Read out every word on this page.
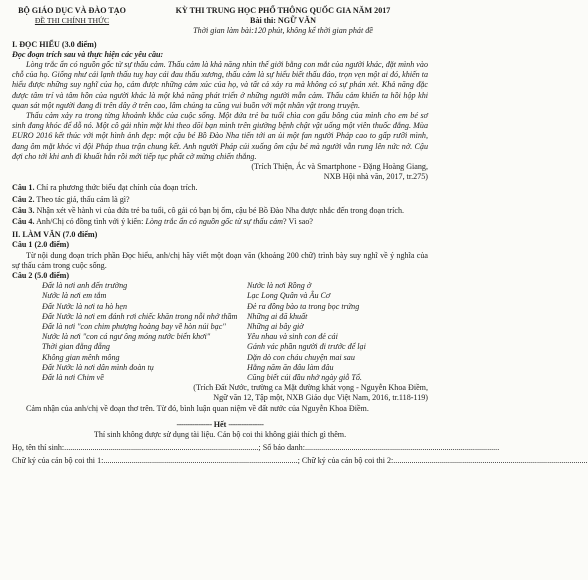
BỘ GIÁO DỤC VÀ ĐÀO TẠO
ĐỀ THI CHÍNH THỨC
KỲ THI TRUNG HỌC PHỔ THÔNG QUỐC GIA NĂM 2017
Bài thi: NGỮ VĂN
Thời gian làm bài:120 phút, không kể thời gian phát đề

I. ĐỌC HIỂU (3.0 điểm)

Đọc đoạn trích sau và thực hiện các yêu cầu:

Lòng trắc ẩn có nguồn gốc từ sự thấu cảm. Thấu cảm là khả năng nhìn thế giới bằng con mắt của người khác, đặt mình vào chỗ của họ. Giống như cái lạnh thấu tuỵ hay cái đau thấu xương, thấu cảm là sự hiểu biết thấu đáo, trọn vẹn một ai đó, khiến ta hiểu được những suy nghĩ của họ, cảm được những cảm xúc của họ, và tất cả xảy ra mà không có sự phán xét. Khả năng đặc được tâm trí và tâm hồn của người khác là một khả năng phát triển ở những người mẫn cảm. Thấu cảm khiến ta hồi hộp khi quan sát một người đang đi trên dây ở trên cao, lâm chúng ta cũng vui buồn với một nhân vật trong truyện.

Thấu cảm xảy ra trong từng khoảnh khắc của cuộc sống. Một đứa trẻ ba tuổi chìa con gấu bông của mình cho em bé sơ sinh đang khóc để dỗ nó. Một cô gái nhìn mặt khi theo dõi bạn mình trên giường bệnh chật vật uống một viên thuốc đắng. Mùa EURO 2016 kết thúc với một hình ảnh đẹp: một cậu bé Bồ Đào Nha tiến tới an ủi một fan người Pháp cao to gấp rưỡi mình, đang ôm mặt khóc vì đội Pháp thua trận chung kết. Anh người Pháp cúi xuống ôm cậu bé mà người vẫn rung lên nức nở. Cậu đợi cho tới khi anh đi khuất hẳn rồi mới tiếp tục phất cờ mừng chiến thắng.

(Trích Thiện, Ác và Smartphone - Đặng Hoàng Giang,

NXB Hội nhà văn, 2017, tr.275)

Câu 1. Chỉ ra phương thức biểu đạt chính của đoạn trích.

Câu 2. Theo tác giả, thấu cảm là gì?

Câu 3. Nhận xét về hành vi của đứa trẻ ba tuổi, cô gái có bạn bị ốm, cậu bé Bồ Đào Nha được nhắc đến trong đoạn trích.

Câu 4. Anh/Chị có đồng tình với ý kiến: Lòng trắc ẩn có nguồn gốc từ sự thấu cảm? Vì sao?

II. LÀM VĂN (7.0 điểm)

Câu 1 (2.0 điểm)

Từ nội dung đoạn trích phần Đọc hiểu, anh/chị hãy viết một đoạn văn (khoảng 200 chữ) trình bày suy nghĩ về ý nghĩa của sự thấu cảm trong cuộc sống.

Câu 2 (5.0 điểm)

Đất là nơi anh đến trường
Nước là nơi em tắm
Đất Nước là nơi ta hò hẹn
Đất Nước là nơi em đánh rơi chiếc khăn trong nỗi nhớ thầm
Đất là nơi "con chim phượng hoàng bay về hòn núi bạc"
Nước là nơi "con cá ngư ông móng nước biển khơi"
Thời gian đằng đẵng
Không gian mênh mông
Đất Nước là nơi dân mình đoàn tụ
Đất là nơi Chim về
Nước là nơi Rồng ở
Lạc Long Quân và Âu Cơ
Đẻ ra đồng bào ta trong bọc trứng
Những ai đã khuất
Những ai bây giờ
Yêu nhau và sinh con đẻ cái
Gánh vác phần người đi trước để lại
Dặn dò con cháu chuyện mai sau
Hằng năm ăn đâu làm đâu
Cũng biết cúi đầu nhớ ngày giỗ Tổ.

(Trích Đất Nước, trường ca Mặt đường khát vọng - Nguyễn Khoa Điềm,

Ngữ văn 12, Tập một, NXB Giáo dục Việt Nam, 2016, tr.118-119)

Cảm nhận của anh/chị về đoạn thơ trên. Từ đó, bình luận quan niệm về đất nước của Nguyễn Khoa Điềm.

---------------- Hết ----------------

Thí sinh không được sử dụng tài liệu. Cán bộ coi thi không giải thích gì thêm.

Họ, tên thí sinh: ................................................................................................ ; Số báo danh: ................................................................................................
Chữ ký của cán bộ coi thi 1: ................................................................................................ ; Chữ ký của cán bộ coi thi 2: ................................................................................................
